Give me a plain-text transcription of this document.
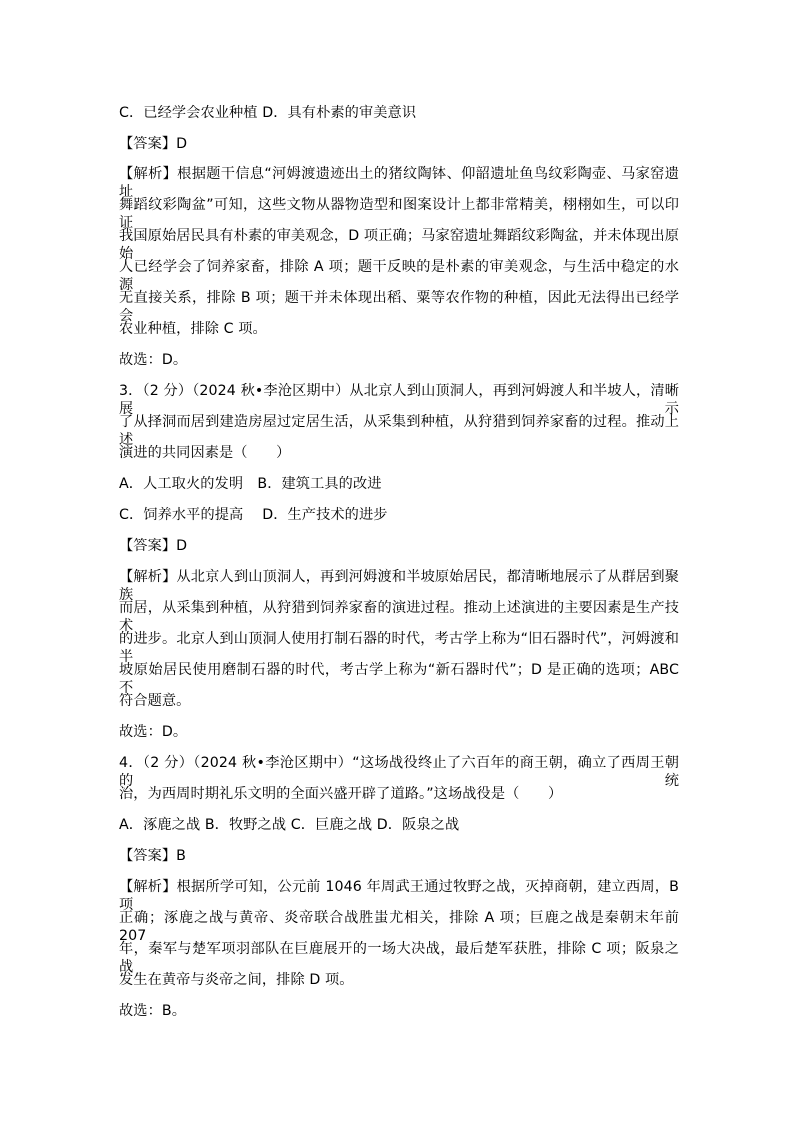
C．已经学会农业种植 D．具有朴素的审美意识
【答案】D
【解析】根据题干信息“河姆渡遗迹出土的猪纹陶钵、仰韶遗址鱼鸟纹彩陶壶、马家窑遗址
舞蹈纹彩陶盆”可知，这些文物从器物造型和图案设计上都非常精美，栩栩如生，可以印证
我国原始居民具有朴素的审美观念，D 项正确；马家窑遗址舞蹈纹彩陶盆，并未体现出原始
人已经学会了饲养家畜，排除 A 项；题干反映的是朴素的审美观念，与生活中稳定的水源
无直接关系，排除 B 项；题干并未体现出稻、粟等农作物的种植，因此无法得出已经学会
农业种植，排除 C 项。
故选：D。
3．（2 分）（2024 秋•李沧区期中）从北京人到山顶洞人，再到河姆渡人和半坡人，清晰展示
了从择洞而居到建造房屋过定居生活，从采集到种植，从狩猎到饲养家畜的过程。推动上述
演进的共同因素是（　　）
A．人工取火的发明　B．建筑工具的改进
C．饲养水平的提高　 D．生产技术的进步
【答案】D
【解析】从北京人到山顶洞人，再到河姆渡和半坡原始居民，都清晰地展示了从群居到聚族
而居，从采集到种植，从狩猎到饲养家畜的演进过程。推动上述演进的主要因素是生产技术
的进步。北京人到山顶洞人使用打制石器的时代，考古学上称为“旧石器时代”，河姆渡和半
坡原始居民使用磨制石器的时代，考古学上称为“新石器时代”；D 是正确的选项；ABC 不
符合题意。
故选：D。
4．（2 分）（2024 秋•李沧区期中）“这场战役终止了六百年的商王朝，确立了西周王朝的统
治，为西周时期礼乐文明的全面兴盛开辟了道路。”这场战役是（　　）
A．涿鹿之战 B．牧野之战 C．巨鹿之战 D．阪泉之战
【答案】B
【解析】根据所学可知，公元前 1046 年周武王通过牧野之战，灭掉商朝，建立西周，B 项
正确；涿鹿之战与黄帝、炎帝联合战胜蚩尤相关，排除 A 项；巨鹿之战是秦朝末年前 207
年，秦军与楚军项羽部队在巨鹿展开的一场大决战，最后楚军获胜，排除 C 项；阪泉之战
发生在黄帝与炎帝之间，排除 D 项。
故选：B。
